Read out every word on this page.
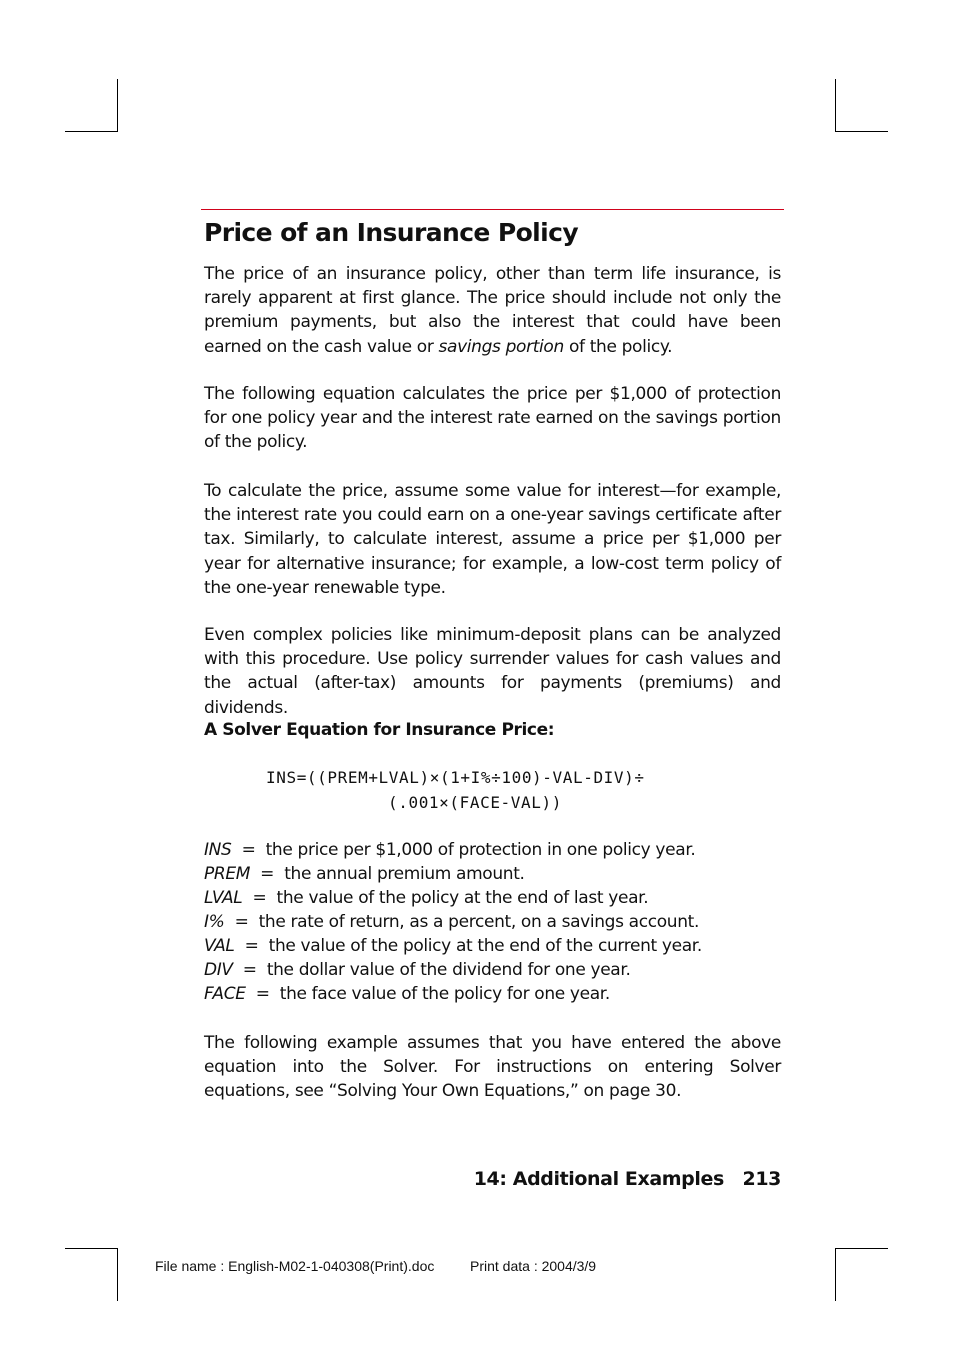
Price of an Insurance Policy

The price of an insurance policy, other than term life insurance, is rarely apparent at first glance. The price should include not only the premium payments, but also the interest that could have been earned on the cash value or savings portion of the policy.

The following equation calculates the price per $1,000 of protection for one policy year and the interest rate earned on the savings portion of the policy.

To calculate the price, assume some value for interest—for example, the interest rate you could earn on a one-year savings certificate after tax. Similarly, to calculate interest, assume a price per $1,000 per year for alternative insurance; for example, a low-cost term policy of the one-year renewable type.

Even complex policies like minimum-deposit plans can be analyzed with this procedure. Use policy surrender values for cash values and the actual (after-tax) amounts for payments (premiums) and dividends.

A Solver Equation for Insurance Price:

INS=((PREM+LVAL)×(1+I%÷100)-VAL-DIV)÷

(.001×(FACE-VAL))

INS  =  the price per $1,000 of protection in one policy year.
PREM  =  the annual premium amount.
LVAL  =  the value of the policy at the end of last year.
I%  =  the rate of return, as a percent, on a savings account.
VAL  =  the value of the policy at the end of the current year.
DIV  =  the dollar value of the dividend for one year.
FACE  =  the face value of the policy for one year.

The following example assumes that you have entered the above equation into the Solver. For instructions on entering Solver equations, see “Solving Your Own Equations,” on page 30.

14: Additional Examples   213

File name : English-M02-1-040308(Print).doc	Print data : 2004/3/9
